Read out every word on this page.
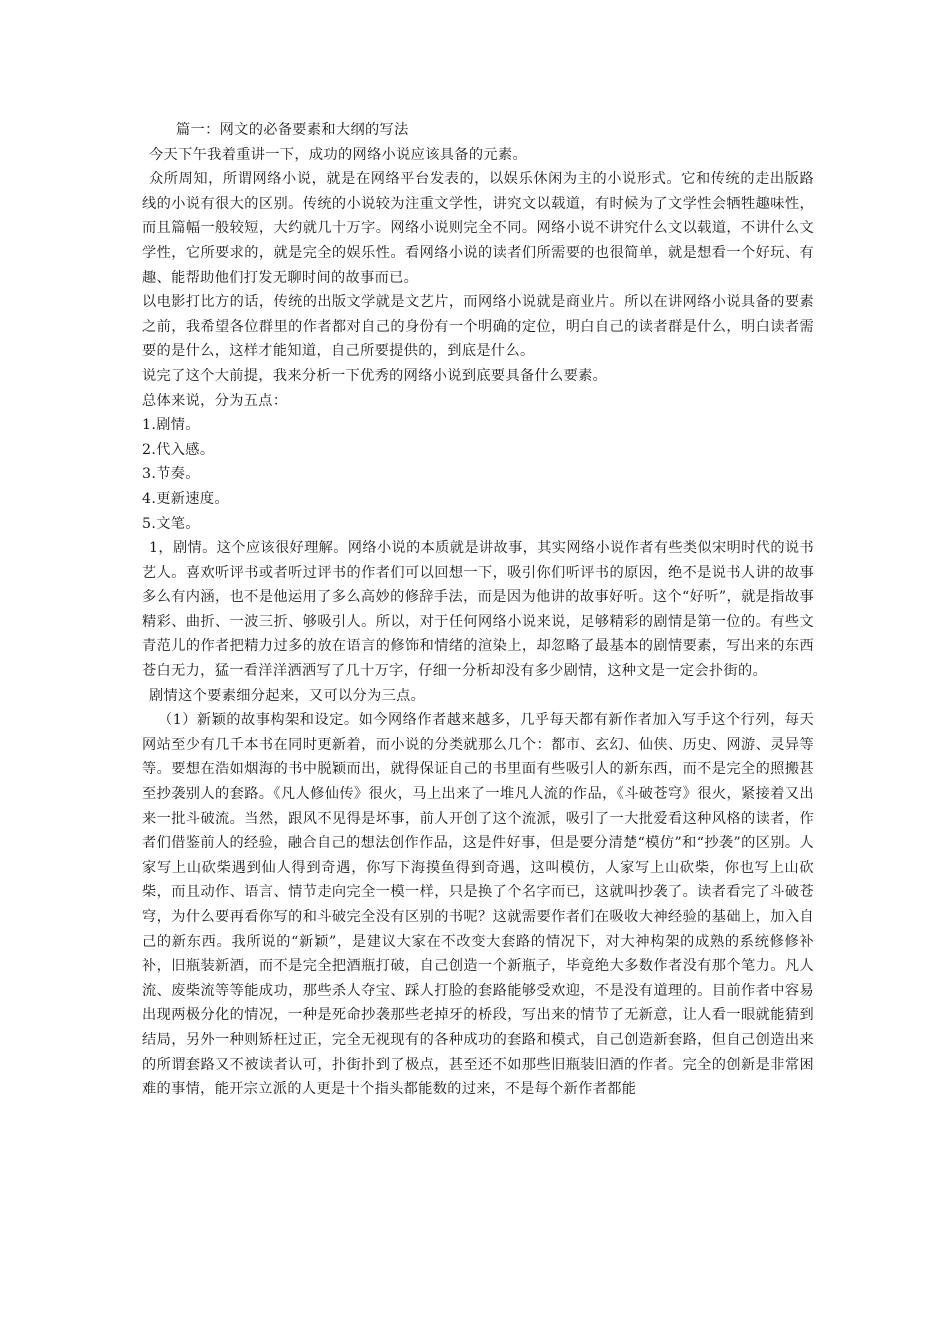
篇一：网文的必备要素和大纲的写法

今天下午我着重讲一下，成功的网络小说应该具备的元素。

众所周知，所谓网络小说，就是在网络平台发表的，以娱乐休闲为主的小说形式。它和传统的走出版路线的小说有很大的区别。传统的小说较为注重文学性，讲究文以载道，有时候为了文学性会牺牲趣味性，而且篇幅一般较短，大约就几十万字。网络小说则完全不同。网络小说不讲究什么文以载道，不讲什么文学性，它所要求的，就是完全的娱乐性。看网络小说的读者们所需要的也很简单，就是想看一个好玩、有趣、能帮助他们打发无聊时间的故事而已。

以电影打比方的话，传统的出版文学就是文艺片，而网络小说就是商业片。所以在讲网络小说具备的要素之前，我希望各位群里的作者都对自己的身份有一个明确的定位，明白自己的读者群是什么，明白读者需要的是什么，这样才能知道，自己所要提供的，到底是什么。

说完了这个大前提，我来分析一下优秀的网络小说到底要具备什么要素。

总体来说，分为五点：

1.剧情。

2.代入感。

3.节奏。

4.更新速度。

5.文笔。

1，剧情。这个应该很好理解。网络小说的本质就是讲故事，其实网络小说作者有些类似宋明时代的说书艺人。喜欢听评书或者听过评书的作者们可以回想一下，吸引你们听评书的原因，绝不是说书人讲的故事多么有内涵，也不是他运用了多么高妙的修辞手法，而是因为他讲的故事好听。这个“好听”，就是指故事精彩、曲折、一波三折、够吸引人。所以，对于任何网络小说来说，足够精彩的剧情是第一位的。有些文青范儿的作者把精力过多的放在语言的修饰和情绪的渲染上，却忽略了最基本的剧情要素，写出来的东西苍白无力，猛一看洋洋洒洒写了几十万字，仔细一分析却没有多少剧情，这种文是一定会扑街的。

剧情这个要素细分起来，又可以分为三点。

（1）新颖的故事构架和设定。如今网络作者越来越多，几乎每天都有新作者加入写手这个行列，每天网站至少有几千本书在同时更新着，而小说的分类就那么几个：都市、玄幻、仙侠、历史、网游、灵异等等。要想在浩如烟海的书中脱颖而出，就得保证自己的书里面有些吸引人的新东西，而不是完全的照搬甚至抄袭别人的套路。《凡人修仙传》很火，马上出来了一堆凡人流的作品，《斗破苍穹》很火，紧接着又出来一批斗破流。当然，跟风不见得是坏事，前人开创了这个流派，吸引了一大批爱看这种风格的读者，作者们借鉴前人的经验，融合自己的想法创作作品，这是件好事，但是要分清楚“模仿”和“抄袭”的区别。人家写上山砍柴遇到仙人得到奇遇，你写下海摸鱼得到奇遇，这叫模仿，人家写上山砍柴，你也写上山砍柴，而且动作、语言、情节走向完全一模一样，只是换了个名字而已，这就叫抄袭了。读者看完了斗破苍穹，为什么要再看你写的和斗破完全没有区别的书呢？这就需要作者们在吸收大神经验的基础上，加入自己的新东西。我所说的“新颖”，是建议大家在不改变大套路的情况下，对大神构架的成熟的系统修修补补，旧瓶装新酒，而不是完全把酒瓶打破，自己创造一个新瓶子，毕竟绝大多数作者没有那个笔力。凡人流、废柴流等等能成功，那些杀人夺宝、踩人打脸的套路能够受欢迎，不是没有道理的。目前作者中容易出现两极分化的情况，一种是死命抄袭那些老掉牙的桥段，写出来的情节了无新意，让人看一眼就能猜到结局，另外一种则矫枉过正，完全无视现有的各种成功的套路和模式，自己创造新套路，但自己创造出来的所谓套路又不被读者认可，扑街扑到了极点，甚至还不如那些旧瓶装旧酒的作者。完全的创新是非常困难的事情，能开宗立派的人更是十个指头都能数的过来，不是每个新作者都能
